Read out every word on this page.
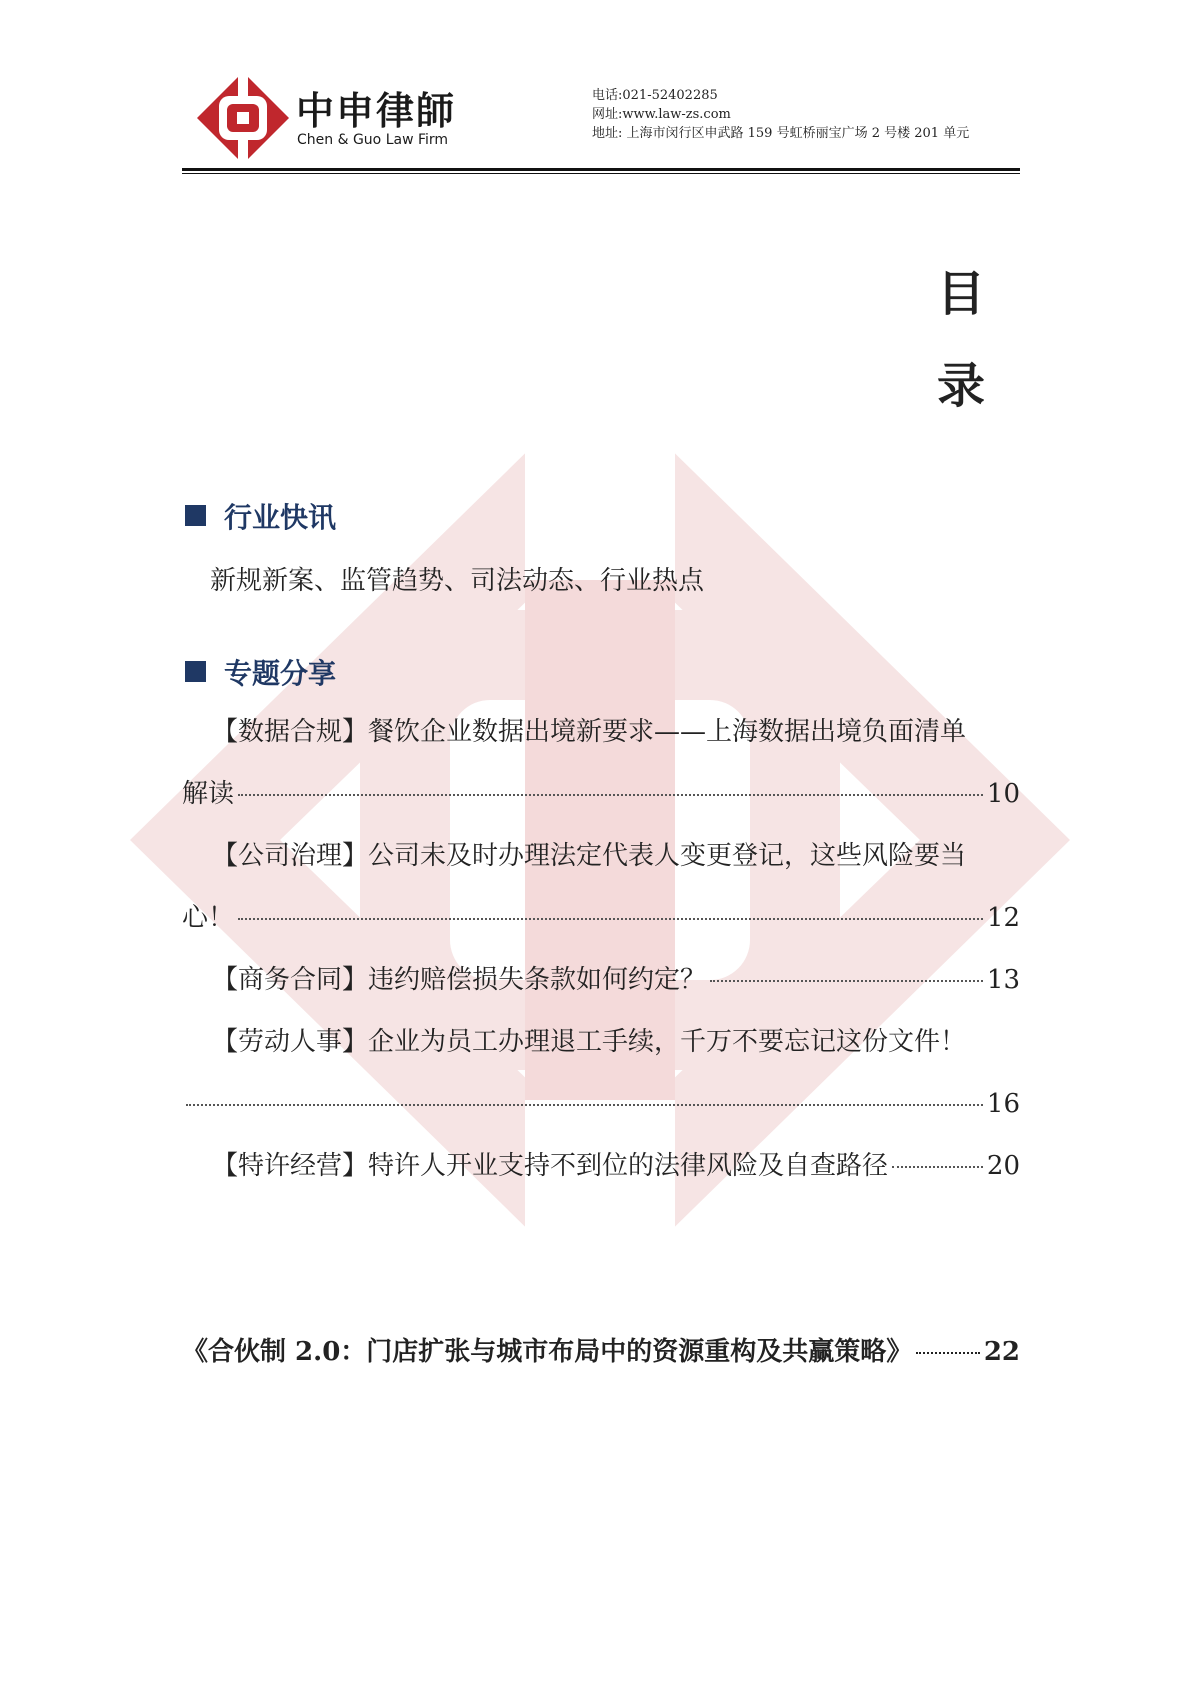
中申律師
Chen & Guo Law Firm
电话:021-52402285
网址:www.law-zs.com
地址: 上海市闵行区申武路 159 号虹桥丽宝广场 2 号楼 201 单元
目
录
行业快讯
新规新案、监管趋势、司法动态、行业热点
专题分享
【数据合规】餐饮企业数据出境新要求——上海数据出境负面清单
解读	10
【公司治理】公司未及时办理法定代表人变更登记，这些风险要当
心！	12
【商务合同】违约赔偿损失条款如何约定？	13
【劳动人事】企业为员工办理退工手续，千万不要忘记这份文件！
16
【特许经营】特许人开业支持不到位的法律风险及自查路径	20
《合伙制 2.0：门店扩张与城市布局中的资源重构及共赢策略》	22
